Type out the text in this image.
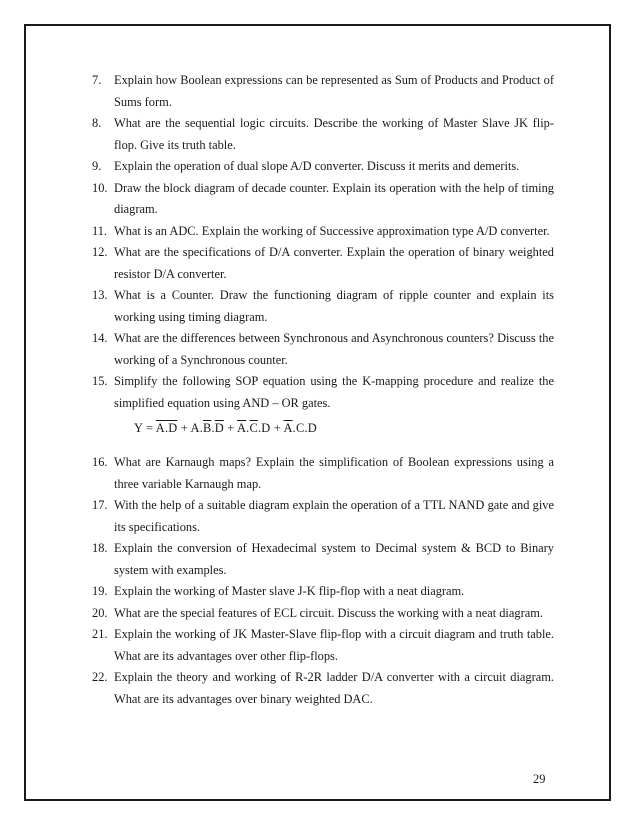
7. Explain how Boolean expressions can be represented as Sum of Products and Product of Sums form.
8. What are the sequential logic circuits. Describe the working of Master Slave JK flip-flop. Give its truth table.
9. Explain the operation of dual slope A/D converter. Discuss it merits and demerits.
10. Draw the block diagram of decade counter. Explain its operation with the help of timing diagram.
11. What is an ADC. Explain the working of Successive approximation type A/D converter.
12. What are the specifications of D/A converter. Explain the operation of binary weighted resistor D/A converter.
13. What is a Counter. Draw the functioning diagram of ripple counter and explain its working using timing diagram.
14. What are the differences between Synchronous and Asynchronous counters? Discuss the working of a Synchronous counter.
15. Simplify the following SOP equation using the K-mapping procedure and realize the simplified equation using AND – OR gates.
$Y = \overline{A}.D + A.\overline{B}.\overline{D} + \overline{A}.\overline{C}.D + \overline{A}.C.D$
16. What are Karnaugh maps? Explain the simplification of Boolean expressions using a three variable Karnaugh map.
17. With the help of a suitable diagram explain the operation of a TTL NAND gate and give its specifications.
18. Explain the conversion of Hexadecimal system to Decimal system & BCD to Binary system with examples.
19. Explain the working of Master slave J-K flip-flop with a neat diagram.
20. What are the special features of ECL circuit. Discuss the working with a neat diagram.
21. Explain the working of JK Master-Slave flip-flop with a circuit diagram and truth table. What are its advantages over other flip-flops.
22. Explain the theory and working of R-2R ladder D/A converter with a circuit diagram. What are its advantages over binary weighted DAC.
29
